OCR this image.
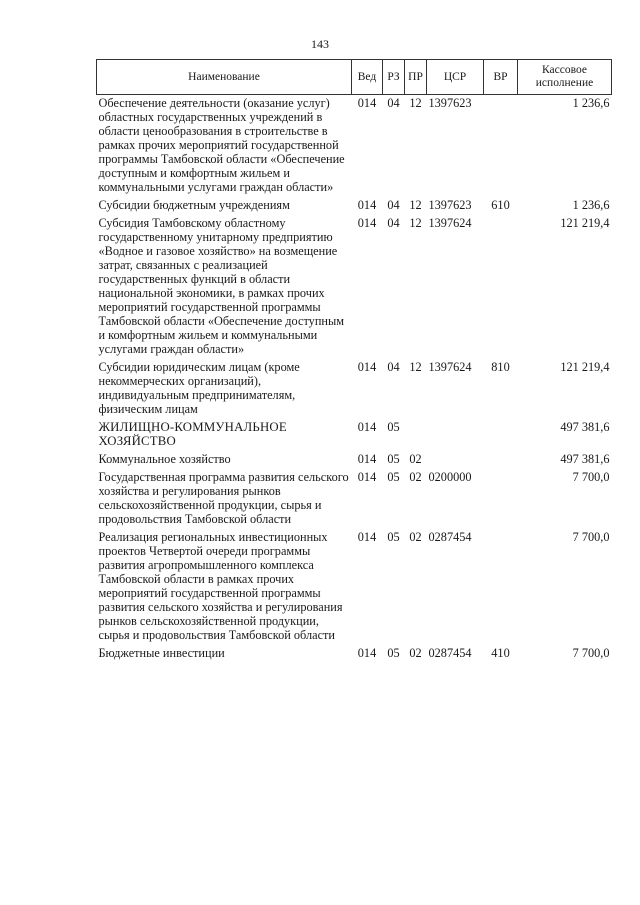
143
Наименование	Вед	РЗ	ПР	ЦСР	ВР	Кассовое исполнение
Обеспечение деятельности (оказание услуг) областных государственных учреждений в области ценообразования в строительстве в рамках прочих мероприятий государственной программы Тамбовской области «Обеспечение доступным и комфортным жильем и коммунальными услугами граждан области»	014	04	12	1397623		1 236,6
Субсидии бюджетным учреждениям	014	04	12	1397623	610	1 236,6
Субсидия Тамбовскому областному государственному унитарному предприятию «Водное и газовое хозяйство» на возмещение затрат, связанных с реализацией государственных функций в области национальной экономики, в рамках прочих мероприятий государственной программы Тамбовской области «Обеспечение доступным и комфортным жильем и коммунальными услугами граждан области»	014	04	12	1397624		121 219,4
Субсидии юридическим лицам (кроме некоммерческих организаций), индивидуальным предпринимателям, физическим лицам	014	04	12	1397624	810	121 219,4
ЖИЛИЩНО-КОММУНАЛЬНОЕ ХОЗЯЙСТВО	014	05				497 381,6
Коммунальное хозяйство	014	05	02			497 381,6
Государственная программа развития сельского хозяйства и регулирования рынков сельскохозяйственной продукции, сырья и продовольствия Тамбовской области	014	05	02	0200000		7 700,0
Реализация региональных инвестиционных проектов Четвертой очереди программы развития агропромышленного комплекса Тамбовской области в рамках прочих мероприятий государственной программы развития сельского хозяйства и регулирования рынков сельскохозяйственной продукции, сырья и продовольствия Тамбовской области	014	05	02	0287454		7 700,0
Бюджетные инвестиции	014	05	02	0287454	410	7 700,0
